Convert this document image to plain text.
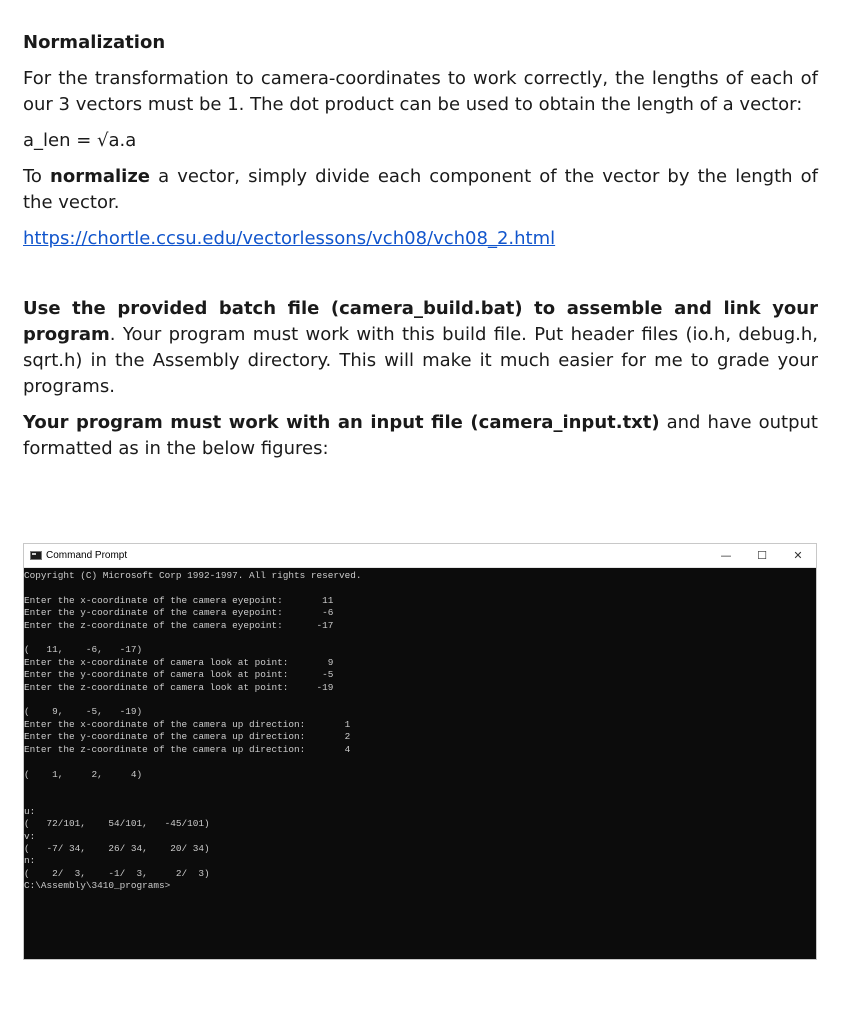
Normalization

For the transformation to camera-coordinates to work correctly, the lengths of each of our 3 vectors must be 1. The dot product can be used to obtain the length of a vector:

a_len = √a.a

To normalize a vector, simply divide each component of the vector by the length of the vector.

https://chortle.ccsu.edu/vectorlessons/vch08/vch08_2.html

Use the provided batch file (camera_build.bat) to assemble and link your program. Your program must work with this build file. Put header files (io.h, debug.h, sqrt.h) in the Assembly directory. This will make it much easier for me to grade your programs.

Your program must work with an input file (camera_input.txt) and have output formatted as in the below figures:

Command Prompt	—	☐	✕
Copyright (C) Microsoft Corp 1992-1997. All rights reserved.

Enter the x-coordinate of the camera eyepoint:       11
Enter the y-coordinate of the camera eyepoint:       -6
Enter the z-coordinate of the camera eyepoint:      -17

(   11,    -6,   -17)
Enter the x-coordinate of camera look at point:       9
Enter the y-coordinate of camera look at point:      -5
Enter the z-coordinate of camera look at point:     -19

(    9,    -5,   -19)
Enter the x-coordinate of the camera up direction:       1
Enter the y-coordinate of the camera up direction:       2
Enter the z-coordinate of the camera up direction:       4

(    1,     2,     4)

u:
(   72/101,    54/101,   -45/101)
v:
(   -7/ 34,    26/ 34,    20/ 34)
n:
(    2/  3,    -1/  3,     2/  3)
C:\Assembly\3410_programs>
